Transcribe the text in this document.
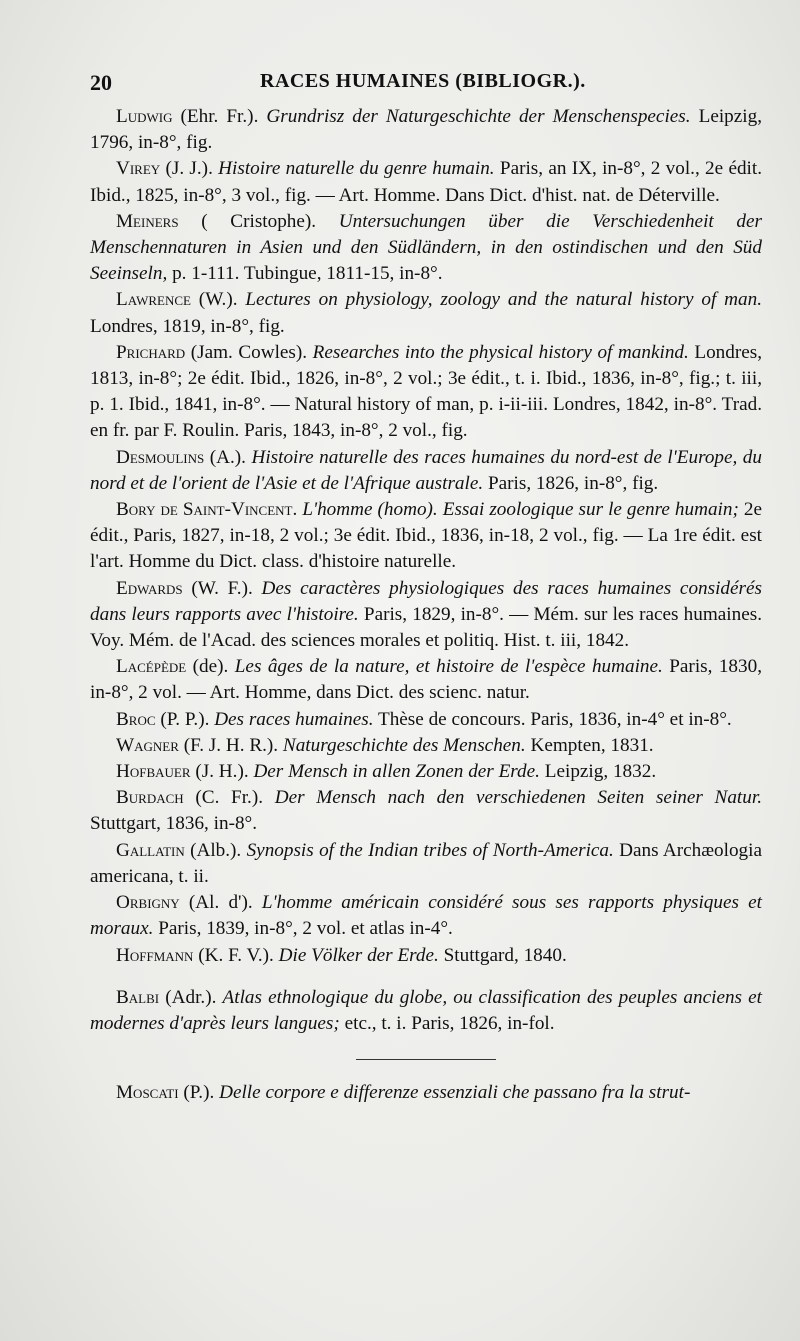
20	RACES HUMAINES (BIBLIOGR.).

Ludwig (Ehr. Fr.). Grundrisz der Naturgeschichte der Menschenspecies. Leipzig, 1796, in-8°, fig.

Virey (J. J.). Histoire naturelle du genre humain. Paris, an IX, in-8°, 2 vol., 2e édit. Ibid., 1825, in-8°, 3 vol., fig. — Art. Homme. Dans Dict. d'hist. nat. de Déterville.

Meiners ( Cristophe). Untersuchungen über die Verschiedenheit der Menschennaturen in Asien und den Südländern, in den ostindischen und den Süd Seeinseln, p. 1-111. Tubingue, 1811-15, in-8°.

Lawrence (W.). Lectures on physiology, zoology and the natural history of man. Londres, 1819, in-8°, fig.

Prichard (Jam. Cowles). Researches into the physical history of mankind. Londres, 1813, in-8°; 2e édit. Ibid., 1826, in-8°, 2 vol.; 3e édit., t. i. Ibid., 1836, in-8°, fig.; t. iii, p. 1. Ibid., 1841, in-8°. — Natural history of man, p. i-ii-iii. Londres, 1842, in-8°. Trad. en fr. par F. Roulin. Paris, 1843, in-8°, 2 vol., fig.

Desmoulins (A.). Histoire naturelle des races humaines du nord-est de l'Europe, du nord et de l'orient de l'Asie et de l'Afrique australe. Paris, 1826, in-8°, fig.

Bory de Saint-Vincent. L'homme (homo). Essai zoologique sur le genre humain; 2e édit., Paris, 1827, in-18, 2 vol.; 3e édit. Ibid., 1836, in-18, 2 vol., fig. — La 1re édit. est l'art. Homme du Dict. class. d'histoire naturelle.

Edwards (W. F.). Des caractères physiologiques des races humaines considérés dans leurs rapports avec l'histoire. Paris, 1829, in-8°. — Mém. sur les races humaines. Voy. Mém. de l'Acad. des sciences morales et politiq. Hist. t. iii, 1842.

Lacépède (de). Les âges de la nature, et histoire de l'espèce humaine. Paris, 1830, in-8°, 2 vol. — Art. Homme, dans Dict. des scienc. natur.

Broc (P. P.). Des races humaines. Thèse de concours. Paris, 1836, in-4° et in-8°.

Wagner (F. J. H. R.). Naturgeschichte des Menschen. Kempten, 1831.

Hofbauer (J. H.). Der Mensch in allen Zonen der Erde. Leipzig, 1832.

Burdach (C. Fr.). Der Mensch nach den verschiedenen Seiten seiner Natur. Stuttgart, 1836, in-8°.

Gallatin (Alb.). Synopsis of the Indian tribes of North-America. Dans Archæologia americana, t. ii.

Orbigny (Al. d'). L'homme américain considéré sous ses rapports physiques et moraux. Paris, 1839, in-8°, 2 vol. et atlas in-4°.

Hoffmann (K. F. V.). Die Völker der Erde. Stuttgard, 1840.

Balbi (Adr.). Atlas ethnologique du globe, ou classification des peuples anciens et modernes d'après leurs langues; etc., t. i. Paris, 1826, in-fol.

Moscati (P.). Delle corpore e differenze essenziali che passano fra la strut-
